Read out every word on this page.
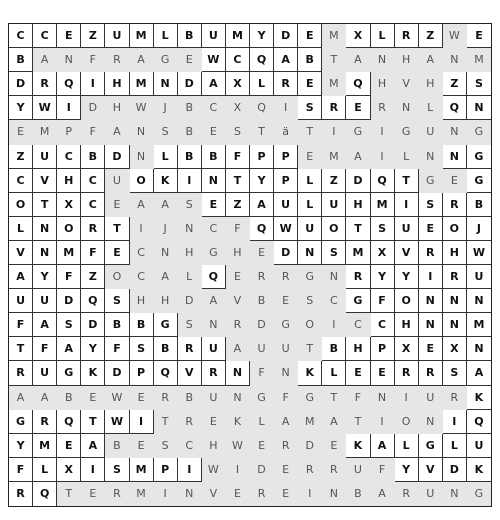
C	C	E	Z	U	M	L	B	U	M	Y	D	E	M	X	L	R	Z	W	E
B	A	N	F	R	A	G	E	W	C	Q	A	B	T	A	N	H	A	N	M
D	R	Q	I	H	M	N	D	A	X	L	R	E	M	Q	H	V	H	Z	S
Y	W	I	D	H	W	J	B	C	X	Q	I	S	R	E	R	N	L	Q	N
E	M	P	F	A	N	S	B	E	S	T	ä	T	I	G	I	G	U	N	G
Z	U	C	B	D	N	L	B	B	F	P	P	E	M	A	I	L	N	N	G
C	V	H	C	U	O	K	I	N	T	Y	P	L	Z	D	Q	T	G	E	G
O	T	X	C	E	A	A	S	E	Z	A	U	L	U	H	M	I	S	R	B
L	N	O	R	T	I	J	N	C	F	Q	W	U	O	T	S	U	E	O	J
V	N	M	F	E	C	N	H	G	H	E	D	N	S	M	X	V	R	H	W
A	Y	F	Z	O	C	A	L	Q	E	R	R	G	N	R	Y	Y	I	R	U
U	U	D	Q	S	H	H	D	A	V	B	E	S	C	G	F	O	N	N	N
F	A	S	D	B	B	G	S	N	R	D	G	O	I	C	C	H	N	N	M
T	F	A	Y	F	S	B	R	U	A	U	U	T	B	H	P	X	E	X	N
R	U	G	K	D	P	Q	V	R	N	F	N	K	L	E	E	R	R	S	A
A	A	B	E	W	E	R	B	U	N	G	F	G	T	F	N	I	U	R	K
G	R	Q	T	W	I	T	R	E	K	L	A	M	A	T	I	O	N	I	Q
Y	M	E	A	B	E	S	C	H	W	E	R	D	E	K	A	L	G	L	U
F	L	X	I	S	M	P	I	W	I	D	E	R	R	U	F	Y	V	D	K
R	Q	T	E	R	M	I	N	V	E	R	E	I	N	B	A	R	U	N	G
